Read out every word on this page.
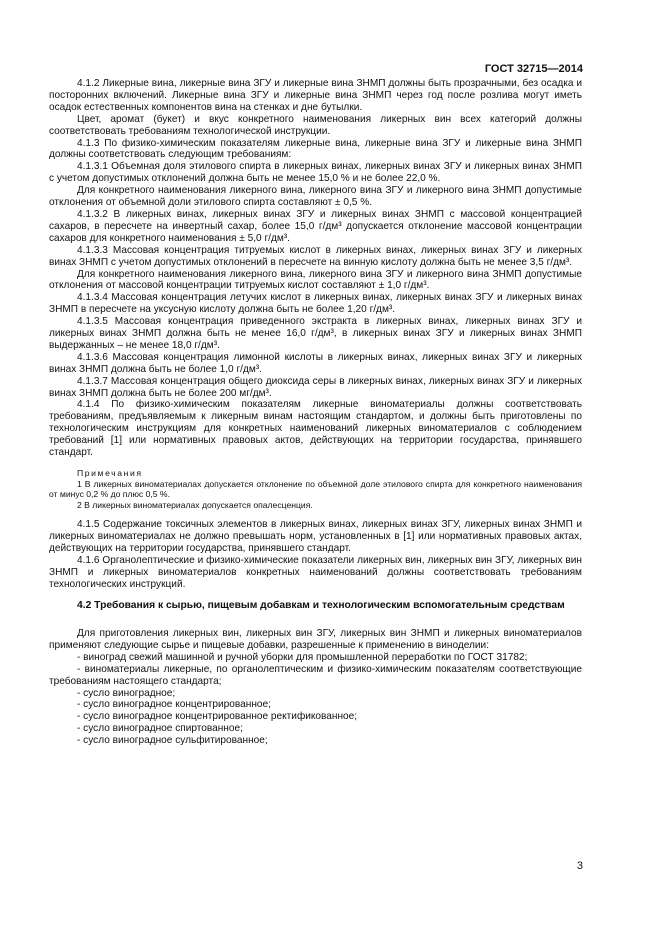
ГОСТ 32715—2014

4.1.2 Ликерные вина, ликерные вина ЗГУ и ликерные вина ЗНМП должны быть прозрачными, без осадка и посторонних включений. Ликерные вина ЗГУ и ликерные вина ЗНМП через год после розлива могут иметь осадок естественных компонентов вина на стенках и дне бутылки.

Цвет, аромат (букет) и вкус конкретного наименования ликерных вин всех категорий должны соответствовать требованиям технологической инструкции.

4.1.3 По физико-химическим показателям ликерные вина, ликерные вина ЗГУ и ликерные вина ЗНМП должны соответствовать следующим требованиям:

4.1.3.1 Объемная доля этилового спирта в ликерных винах, ликерных винах ЗГУ и ликерных винах ЗНМП с учетом допустимых отклонений должна быть не менее 15,0 % и не более 22,0 %.

Для конкретного наименования ликерного вина, ликерного вина ЗГУ и ликерного вина ЗНМП допустимые отклонения от объемной доли этилового спирта составляют ± 0,5 %.

4.1.3.2 В ликерных винах, ликерных винах ЗГУ и ликерных винах ЗНМП с массовой концентрацией сахаров, в пересчете на инвертный сахар, более 15,0 г/дм³ допускается отклонение массовой концентрации сахаров для конкретного наименования ± 5,0 г/дм³.

4.1.3.3 Массовая концентрация титруемых кислот в ликерных винах, ликерных винах ЗГУ и ликерных винах ЗНМП с учетом допустимых отклонений в пересчете на винную кислоту должна быть не менее 3,5 г/дм³.

Для конкретного наименования ликерного вина, ликерного вина ЗГУ и ликерного вина ЗНМП допустимые отклонения от массовой концентрации титруемых кислот составляют ± 1,0 г/дм³.

4.1.3.4 Массовая концентрация летучих кислот в ликерных винах, ликерных винах ЗГУ и ликерных винах ЗНМП в пересчете на уксусную кислоту должна быть не более 1,20 г/дм³.

4.1.3.5 Массовая концентрация приведенного экстракта в ликерных винах, ликерных винах ЗГУ и ликерных винах ЗНМП должна быть не менее 16,0 г/дм³, в ликерных винах ЗГУ и ликерных винах ЗНМП выдержанных – не менее 18,0 г/дм³.

4.1.3.6 Массовая концентрация лимонной кислоты в ликерных винах, ликерных винах ЗГУ и ликерных винах ЗНМП должна быть не более 1,0 г/дм³.

4.1.3.7 Массовая концентрация общего диоксида серы в ликерных винах, ликерных винах ЗГУ и ликерных винах ЗНМП должна быть не более 200 мг/дм³.

4.1.4 По физико-химическим показателям ликерные виноматериалы должны соответствовать требованиям, предъявляемым к ликерным винам настоящим стандартом, и должны быть приготовлены по технологическим инструкциям для конкретных наименований ликерных виноматериалов с соблюдением требований [1] или нормативных правовых актов, действующих на территории государства, принявшего стандарт.

Примечания

1 В ликерных виноматериалах допускается отклонение по объемной доле этилового спирта для конкретного наименования от минус 0,2 % до плюс 0,5 %.

2 В ликерных виноматериалах допускается опалесценция.

4.1.5 Содержание токсичных элементов в ликерных винах, ликерных винах ЗГУ, ликерных винах ЗНМП и ликерных виноматериалах не должно превышать норм, установленных в [1] или нормативных правовых актах, действующих на территории государства, принявшего стандарт.

4.1.6 Органолептические и физико-химические показатели ликерных вин, ликерных вин ЗГУ, ликерных вин ЗНМП и ликерных виноматериалов конкретных наименований должны соответствовать требованиям технологических инструкций.

4.2 Требования к сырью, пищевым добавкам и технологическим вспомогательным средствам

Для приготовления ликерных вин, ликерных вин ЗГУ, ликерных вин ЗНМП и ликерных виноматериалов применяют следующие сырье и пищевые добавки, разрешенные к применению в виноделии:

- виноград свежий машинной и ручной уборки для промышленной переработки по ГОСТ 31782;

- виноматериалы ликерные, по органолептическим и физико-химическим показателям соответствующие требованиям настоящего стандарта;

- сусло виноградное;

- сусло виноградное концентрированное;

- сусло виноградное концентрированное ректификованное;

- сусло виноградное спиртованное;

- сусло виноградное сульфитированное;

3
